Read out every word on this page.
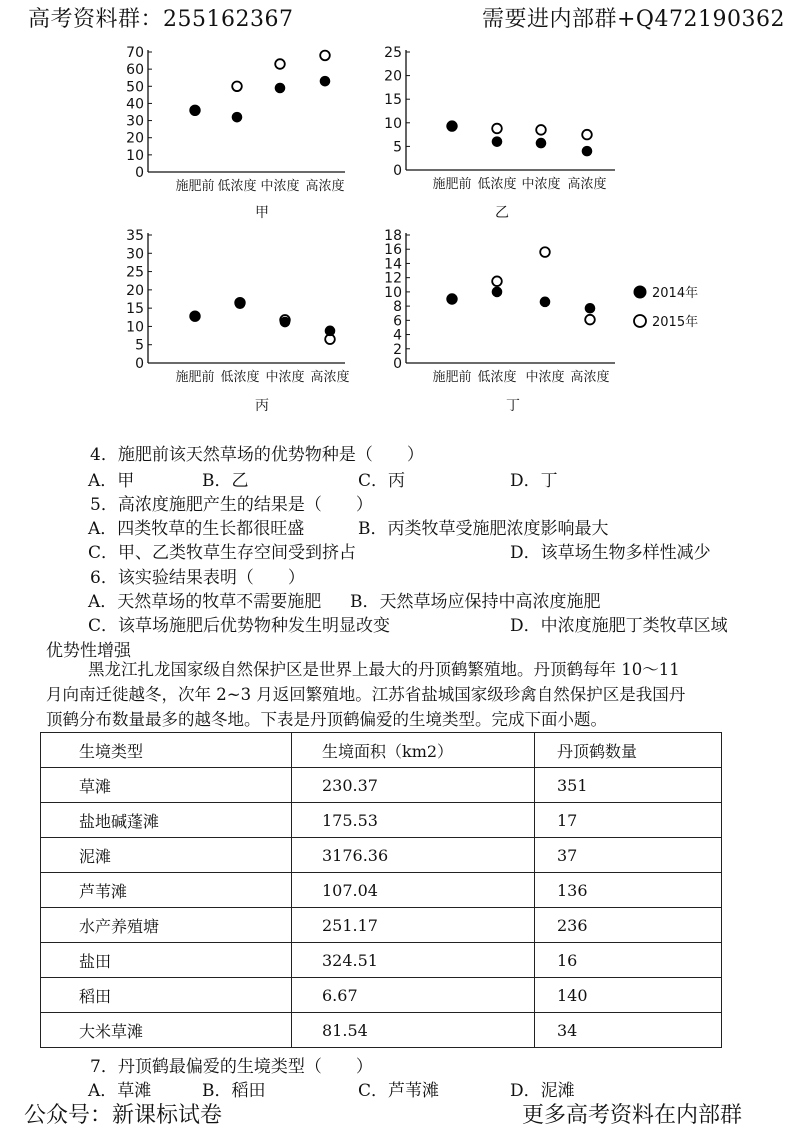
高考资料群：255162367	需要进内部群+Q472190362
0
10
20
30
40
50
60
70
施肥前 低浓度 中浓度 高浓度
甲
0
5
10
15
20
25
施肥前 低浓度 中浓度 高浓度
乙
0
5
10
15
20
25
30
35
施肥前 低浓度 中浓度 高浓度
丙
0
2
4
6
8
10
12
14
16
18
施肥前 低浓度 中浓度 高浓度
丁
2014年
2015年
4．施肥前该天然草场的优势物种是（　　）
A．甲	B．乙	C．丙	D．丁
5．高浓度施肥产生的结果是（　　）
A．四类牧草的生长都很旺盛	B．丙类牧草受施肥浓度影响最大
C．甲、乙类牧草生存空间受到挤占	D．该草场生物多样性减少
6．该实验结果表明（　　）
A．天然草场的牧草不需要施肥 B．天然草场应保持中高浓度施肥
C．该草场施肥后优势物种发生明显改变	D．中浓度施肥丁类牧草区域
优势性增强
黑龙江扎龙国家级自然保护区是世界上最大的丹顶鹤繁殖地。丹顶鹤每年 10～11
月向南迁徙越冬，次年 2~3 月返回繁殖地。江苏省盐城国家级珍禽自然保护区是我国丹
顶鹤分布数量最多的越冬地。下表是丹顶鹤偏爱的生境类型。完成下面小题。
生境类型	生境面积（km2）	丹顶鹤数量
草滩	230.37	351
盐地碱蓬滩	175.53	17
泥滩	3176.36	37
芦苇滩	107.04	136
水产养殖塘	251.17	236
盐田	324.51	16
稻田	6.67	140
大米草滩	81.54	34
7．丹顶鹤最偏爱的生境类型（　　）
A．草滩	B．稻田	C．芦苇滩	D．泥滩
公众号：新课标试卷	更多高考资料在内部群
